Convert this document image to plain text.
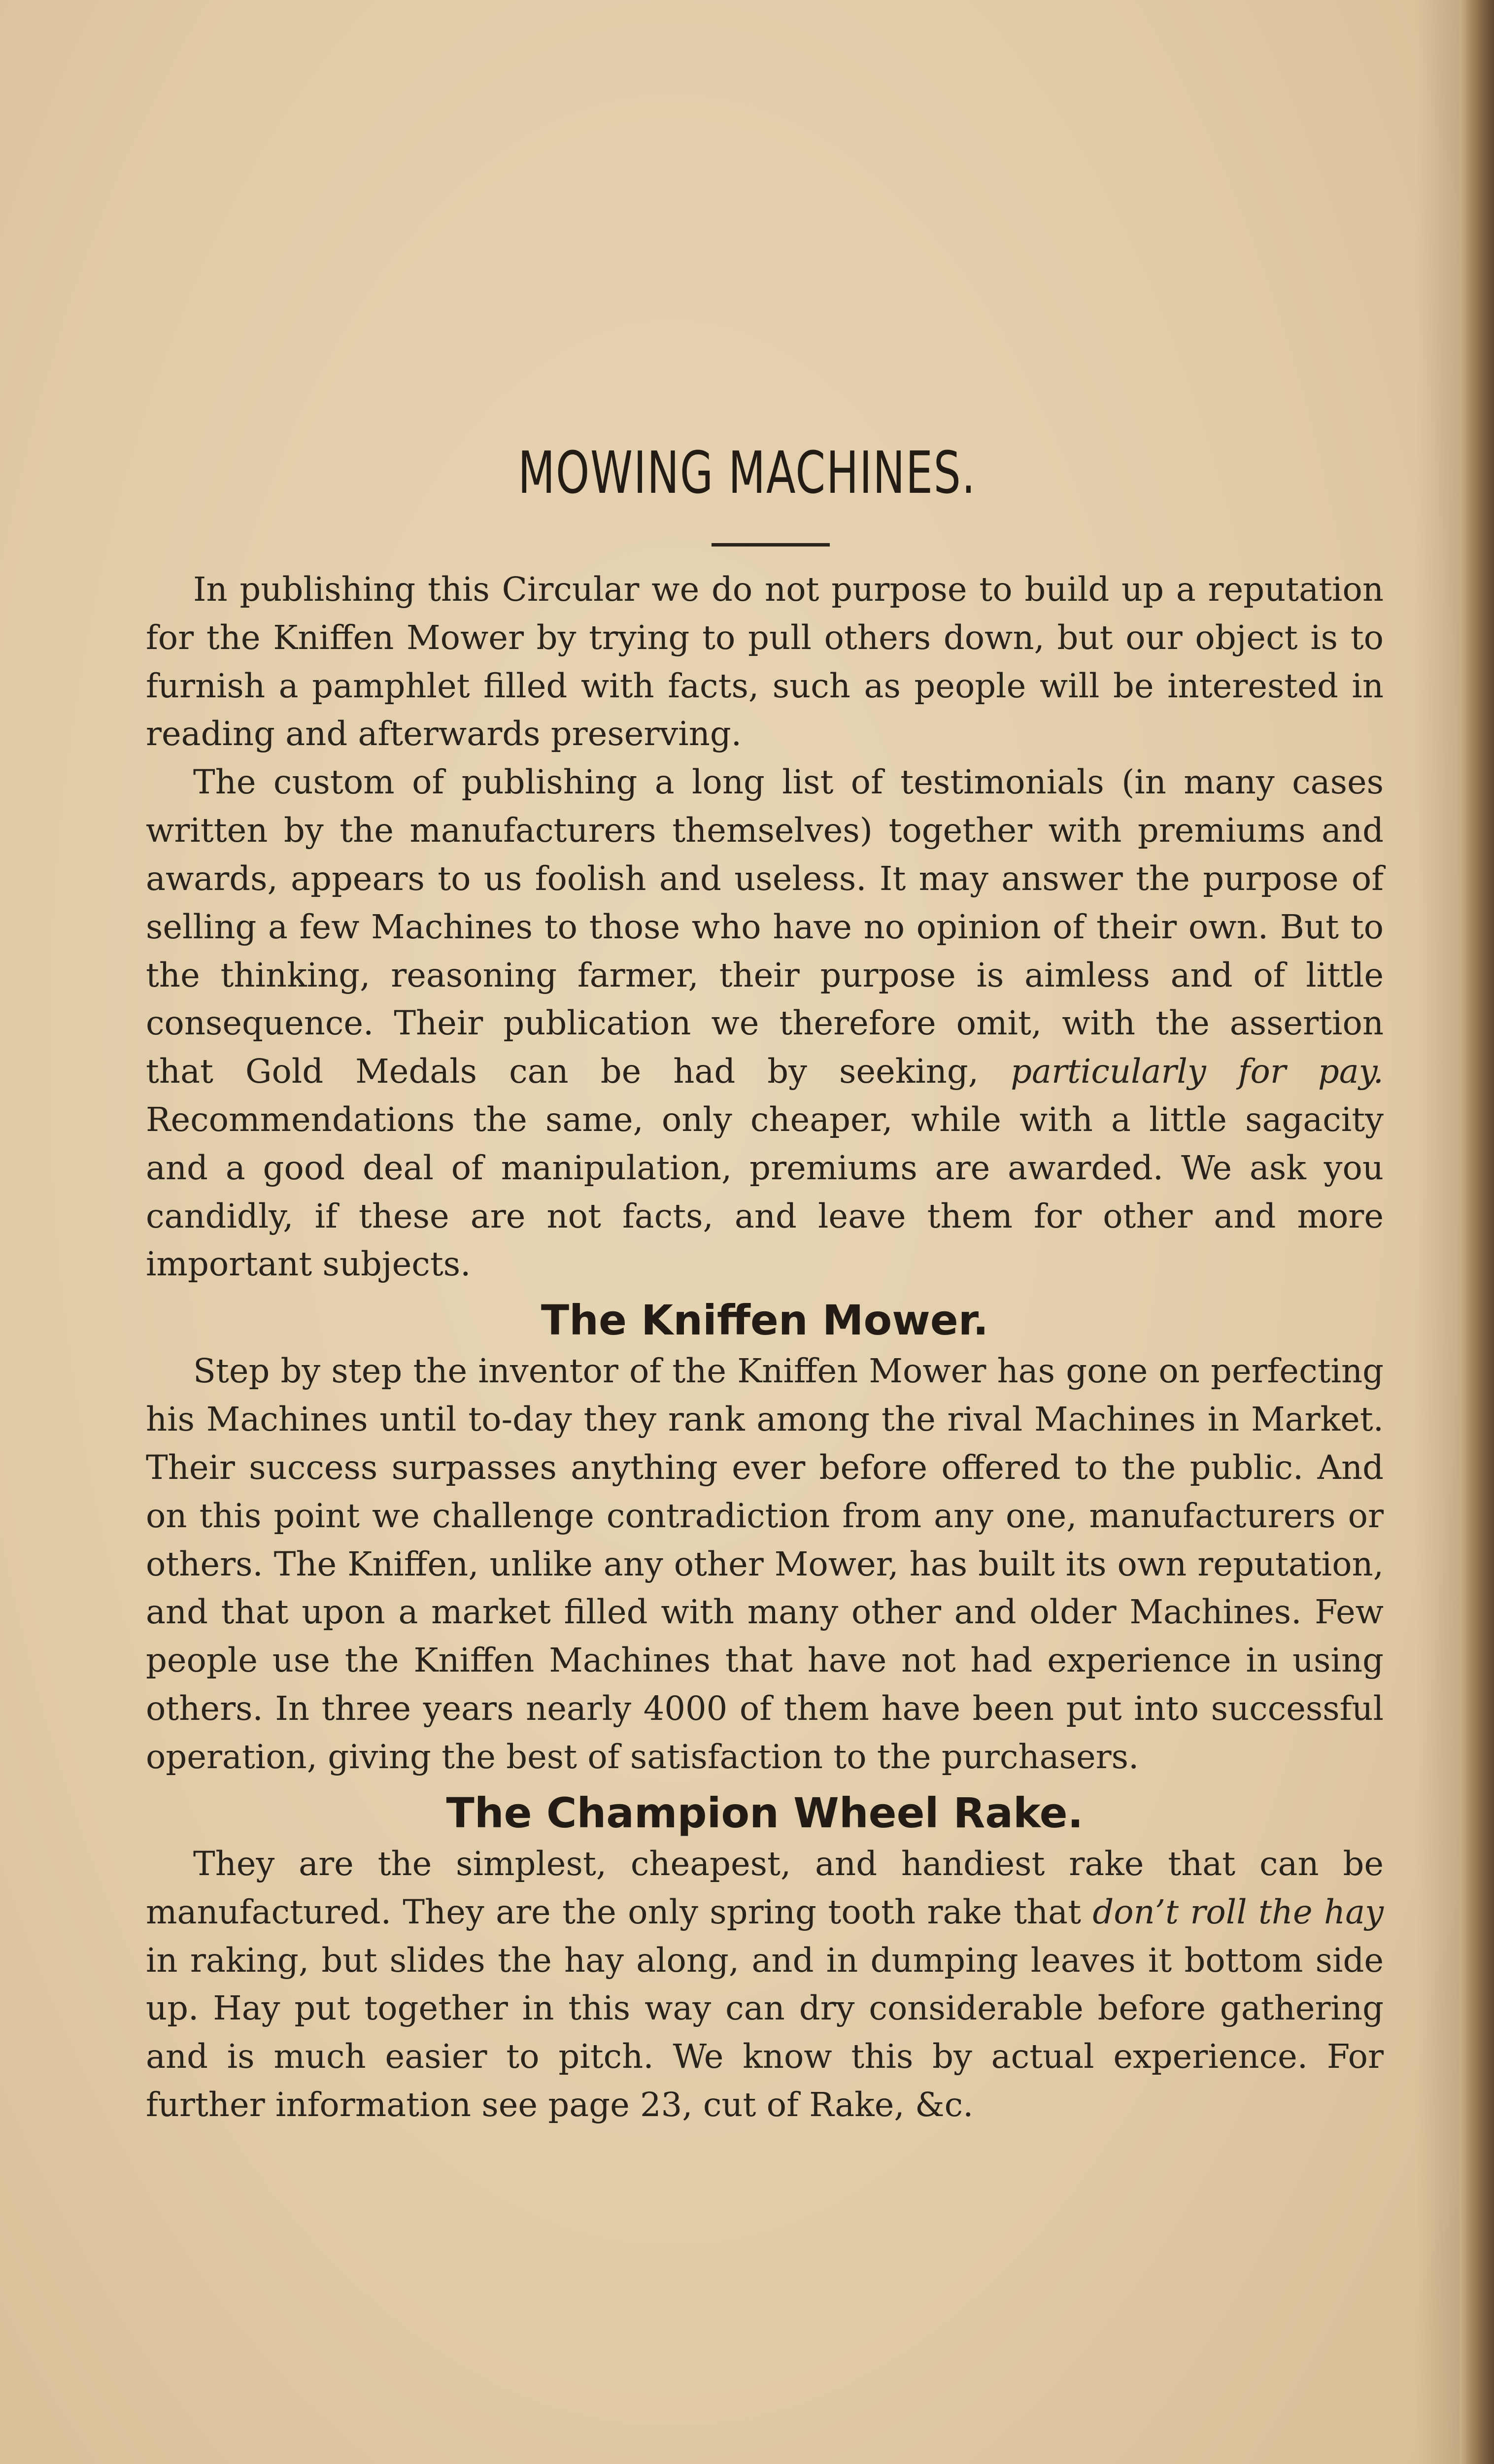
MOWING MACHINES.

In publishing this Circular we do not purpose to build up a reputation for the Kniffen Mower by trying to pull others down, but our object is to furnish a pamphlet filled with facts, such as people will be interested in reading and afterwards preserving.

The custom of publishing a long list of testimonials (in many cases written by the manufacturers themselves) together with premiums and awards, appears to us foolish and useless. It may answer the purpose of selling a few Machines to those who have no opinion of their own. But to the thinking, reasoning farmer, their purpose is aimless and of little consequence. Their publication we therefore omit, with the assertion that Gold Medals can be had by seeking, particularly for pay. Recommendations the same, only cheaper, while with a little sagacity and a good deal of manipulation, premiums are awarded. We ask you candidly, if these are not facts, and leave them for other and more important subjects.

The Kniffen Mower.

Step by step the inventor of the Kniffen Mower has gone on perfecting his Machines until to-day they rank among the rival Machines in Market. Their success surpasses anything ever before offered to the public. And on this point we challenge contradiction from any one, manufacturers or others. The Kniffen, unlike any other Mower, has built its own reputation, and that upon a market filled with many other and older Machines. Few people use the Kniffen Machines that have not had experience in using others. In three years nearly 4000 of them have been put into successful operation, giving the best of satisfaction to the purchasers.

The Champion Wheel Rake.

They are the simplest, cheapest, and handiest rake that can be manufactured. They are the only spring tooth rake that don’t roll the hay in raking, but slides the hay along, and in dumping leaves it bottom side up. Hay put together in this way can dry considerable before gathering and is much easier to pitch. We know this by actual experience. For further information see page 23, cut of Rake, &c.
